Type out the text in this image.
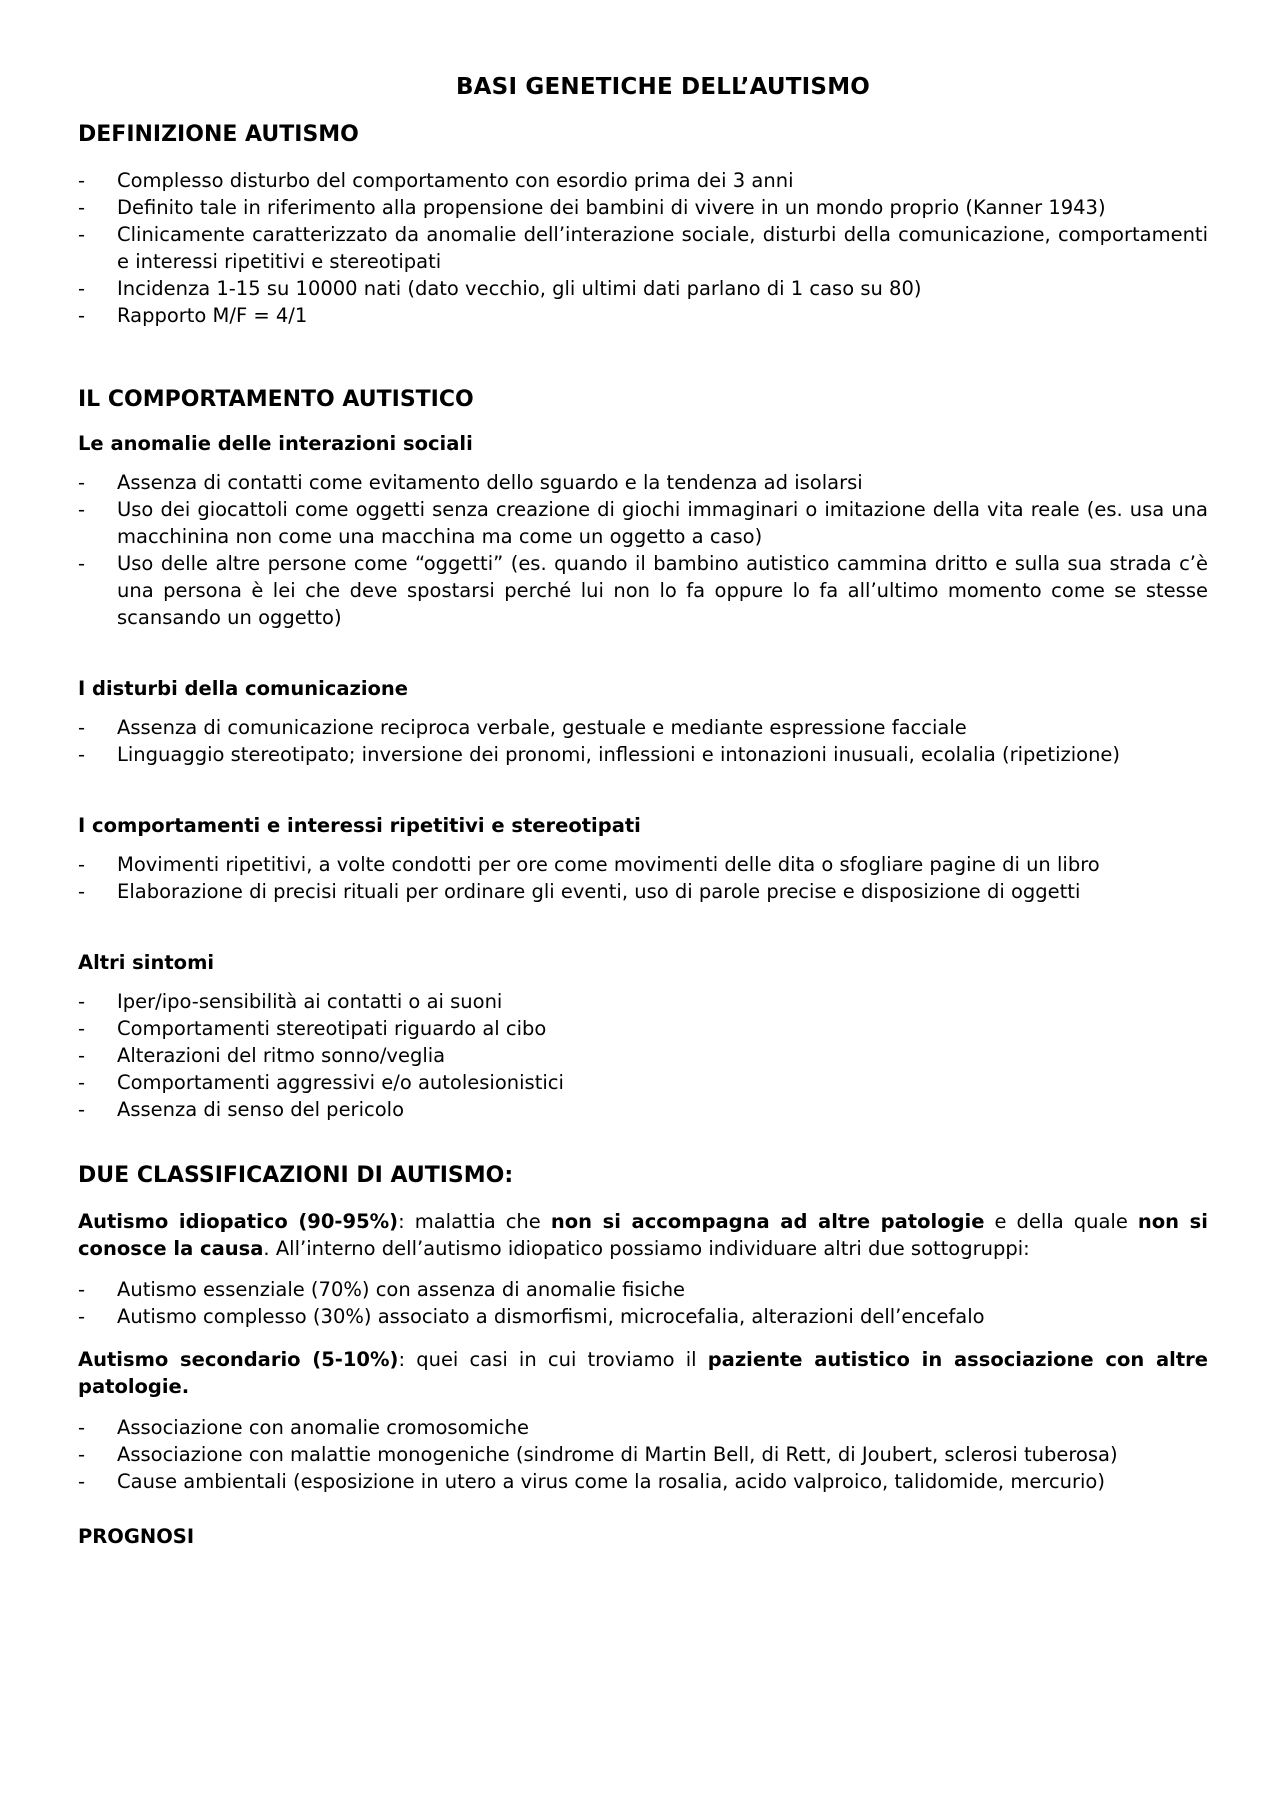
BASI GENETICHE DELL’AUTISMO
DEFINIZIONE AUTISMO
- Complesso disturbo del comportamento con esordio prima dei 3 anni
- Definito tale in riferimento alla propensione dei bambini di vivere in un mondo proprio (Kanner 1943)
- Clinicamente caratterizzato da anomalie dell’interazione sociale, disturbi della comunicazione, comportamenti e interessi ripetitivi e stereotipati
- Incidenza 1-15 su 10000 nati (dato vecchio, gli ultimi dati parlano di 1 caso su 80)
- Rapporto M/F = 4/1
IL COMPORTAMENTO AUTISTICO
Le anomalie delle interazioni sociali
- Assenza di contatti come evitamento dello sguardo e la tendenza ad isolarsi
- Uso dei giocattoli come oggetti senza creazione di giochi immaginari o imitazione della vita reale (es. usa una macchinina non come una macchina ma come un oggetto a caso)
- Uso delle altre persone come “oggetti” (es. quando il bambino autistico cammina dritto e sulla sua strada c’è una persona è lei che deve spostarsi perché lui non lo fa oppure lo fa all’ultimo momento come se stesse scansando un oggetto)
I disturbi della comunicazione
- Assenza di comunicazione reciproca verbale, gestuale e mediante espressione facciale
- Linguaggio stereotipato; inversione dei pronomi, inflessioni e intonazioni inusuali, ecolalia (ripetizione)
I comportamenti e interessi ripetitivi e stereotipati
- Movimenti ripetitivi, a volte condotti per ore come movimenti delle dita o sfogliare pagine di un libro
- Elaborazione di precisi rituali per ordinare gli eventi, uso di parole precise e disposizione di oggetti
Altri sintomi
- Iper/ipo-sensibilità ai contatti o ai suoni
- Comportamenti stereotipati riguardo al cibo
- Alterazioni del ritmo sonno/veglia
- Comportamenti aggressivi e/o autolesionistici
- Assenza di senso del pericolo
DUE CLASSIFICAZIONI DI AUTISMO:

Autismo idiopatico (90-95%): malattia che non si accompagna ad altre patologie e della quale non si conosce la causa. All’interno dell’autismo idiopatico possiamo individuare altri due sottogruppi:

- Autismo essenziale (70%) con assenza di anomalie fisiche
- Autismo complesso (30%) associato a dismorfismi, microcefalia, alterazioni dell’encefalo

Autismo secondario (5-10%): quei casi in cui troviamo il paziente autistico in associazione con altre patologie.

- Associazione con anomalie cromosomiche
- Associazione con malattie monogeniche (sindrome di Martin Bell, di Rett, di Joubert, sclerosi tuberosa)
- Cause ambientali (esposizione in utero a virus come la rosalia, acido valproico, talidomide, mercurio)
PROGNOSI
